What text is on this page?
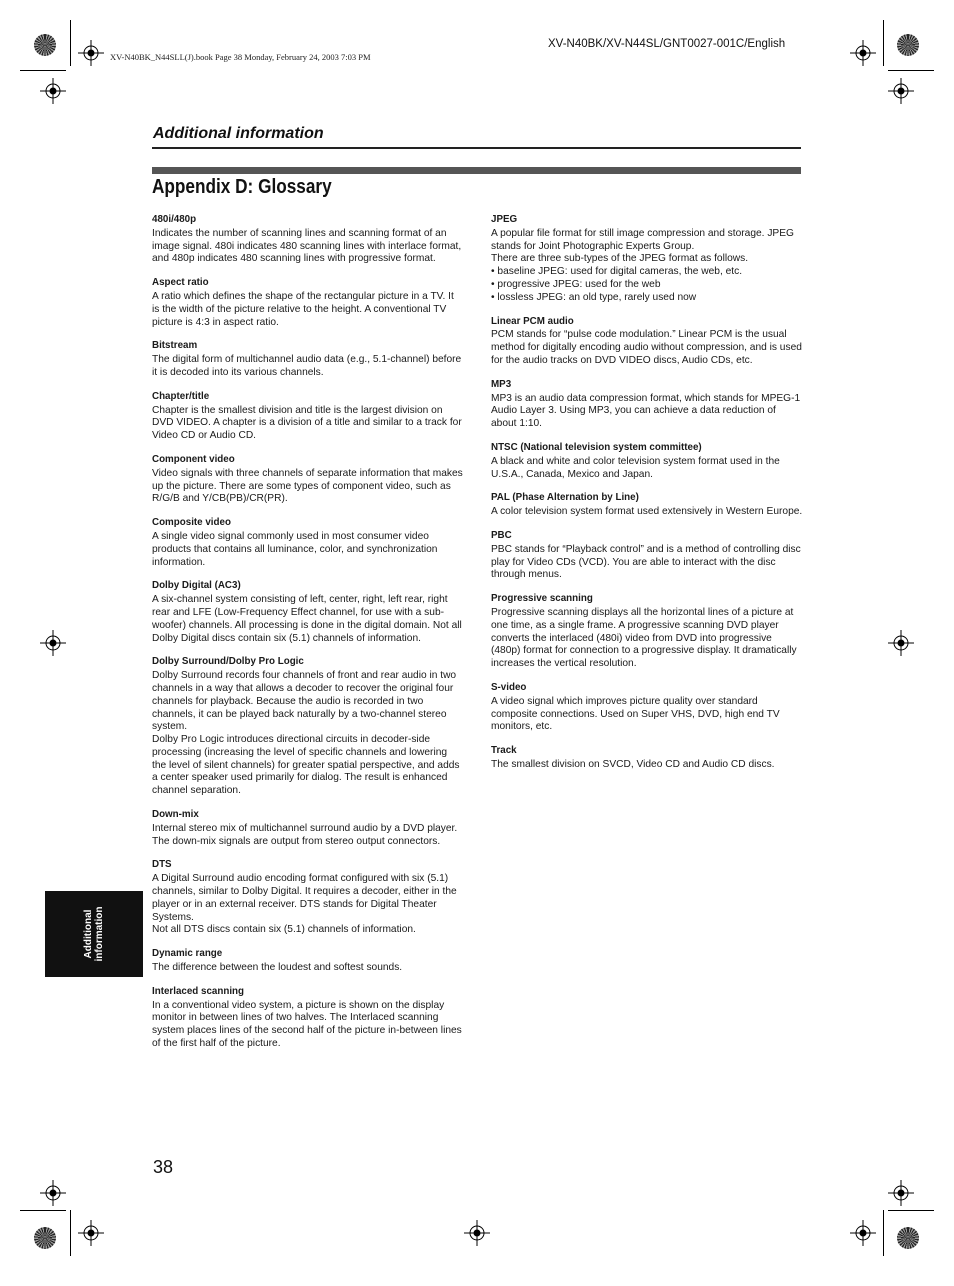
XV-N40BK_N44SLL(J).book Page 38 Monday, February 24, 2003 7:03 PM
XV-N40BK/XV-N44SL/GNT0027-001C/English
Additional information
Appendix D: Glossary
480i/480p

Indicates the number of scanning lines and scanning format of an image signal. 480i indicates 480 scanning lines with interlace format, and 480p indicates 480 scanning lines with progressive format.

Aspect ratio

A ratio which defines the shape of the rectangular picture in a TV. It is the width of the picture relative to the height. A conventional TV picture is 4:3 in aspect ratio.

Bitstream

The digital form of multichannel audio data (e.g., 5.1-channel) before it is decoded into its various channels.

Chapter/title

Chapter is the smallest division and title is the largest division on DVD VIDEO. A chapter is a division of a title and similar to a track for Video CD or Audio CD.

Component video

Video signals with three channels of separate information that makes up the picture. There are some types of component video, such as R/G/B and Y/CB(PB)/CR(PR).

Composite video

A single video signal commonly used in most consumer video products that contains all luminance, color, and synchronization information.

Dolby Digital (AC3)

A six-channel system consisting of left, center, right, left rear, right rear and LFE (Low-Frequency Effect channel, for use with a sub-woofer) channels. All processing is done in the digital domain. Not all Dolby Digital discs contain six (5.1) channels of information.

Dolby Surround/Dolby Pro Logic

Dolby Surround records four channels of front and rear audio in two channels in a way that allows a decoder to recover the original four channels for playback. Because the audio is recorded in two channels, it can be played back naturally by a two-channel stereo system.

Dolby Pro Logic introduces directional circuits in decoder-side processing (increasing the level of specific channels and lowering the level of silent channels) for greater spatial perspective, and adds a center speaker used primarily for dialog. The result is enhanced channel separation.

Down-mix

Internal stereo mix of multichannel surround audio by a DVD player. The down-mix signals are output from stereo output connectors.

DTS

A Digital Surround audio encoding format configured with six (5.1) channels, similar to Dolby Digital. It requires a decoder, either in the player or in an external receiver. DTS stands for Digital Theater Systems.

Not all DTS discs contain six (5.1) channels of information.

Dynamic range

The difference between the loudest and softest sounds.

Interlaced scanning

In a conventional video system, a picture is shown on the display monitor in between lines of two halves. The Interlaced scanning system places lines of the second half of the picture in-between lines of the first half of the picture.

JPEG

A popular file format for still image compression and storage. JPEG stands for Joint Photographic Experts Group.

There are three sub-types of the JPEG format as follows.

• baseline JPEG: used for digital cameras, the web, etc.
• progressive JPEG: used for the web
• lossless JPEG: an old type, rarely used now
Linear PCM audio

PCM stands for “pulse code modulation.” Linear PCM is the usual method for digitally encoding audio without compression, and is used for the audio tracks on DVD VIDEO discs, Audio CDs, etc.

MP3

MP3 is an audio data compression format, which stands for MPEG-1 Audio Layer 3. Using MP3, you can achieve a data reduction of about 1:10.

NTSC (National television system committee)

A black and white and color television system format used in the U.S.A., Canada, Mexico and Japan.

PAL (Phase Alternation by Line)

A color television system format used extensively in Western Europe.

PBC

PBC stands for “Playback control” and is a method of controlling disc play for Video CDs (VCD). You are able to interact with the disc through menus.

Progressive scanning

Progressive scanning displays all the horizontal lines of a picture at one time, as a single frame. A progressive scanning DVD player converts the interlaced (480i) video from DVD into progressive (480p) format for connection to a progressive display. It dramatically increases the vertical resolution.

S-video

A video signal which improves picture quality over standard composite connections. Used on Super VHS, DVD, high end TV monitors, etc.

Track

The smallest division on SVCD, Video CD and Audio CD discs.

Additional information
38
